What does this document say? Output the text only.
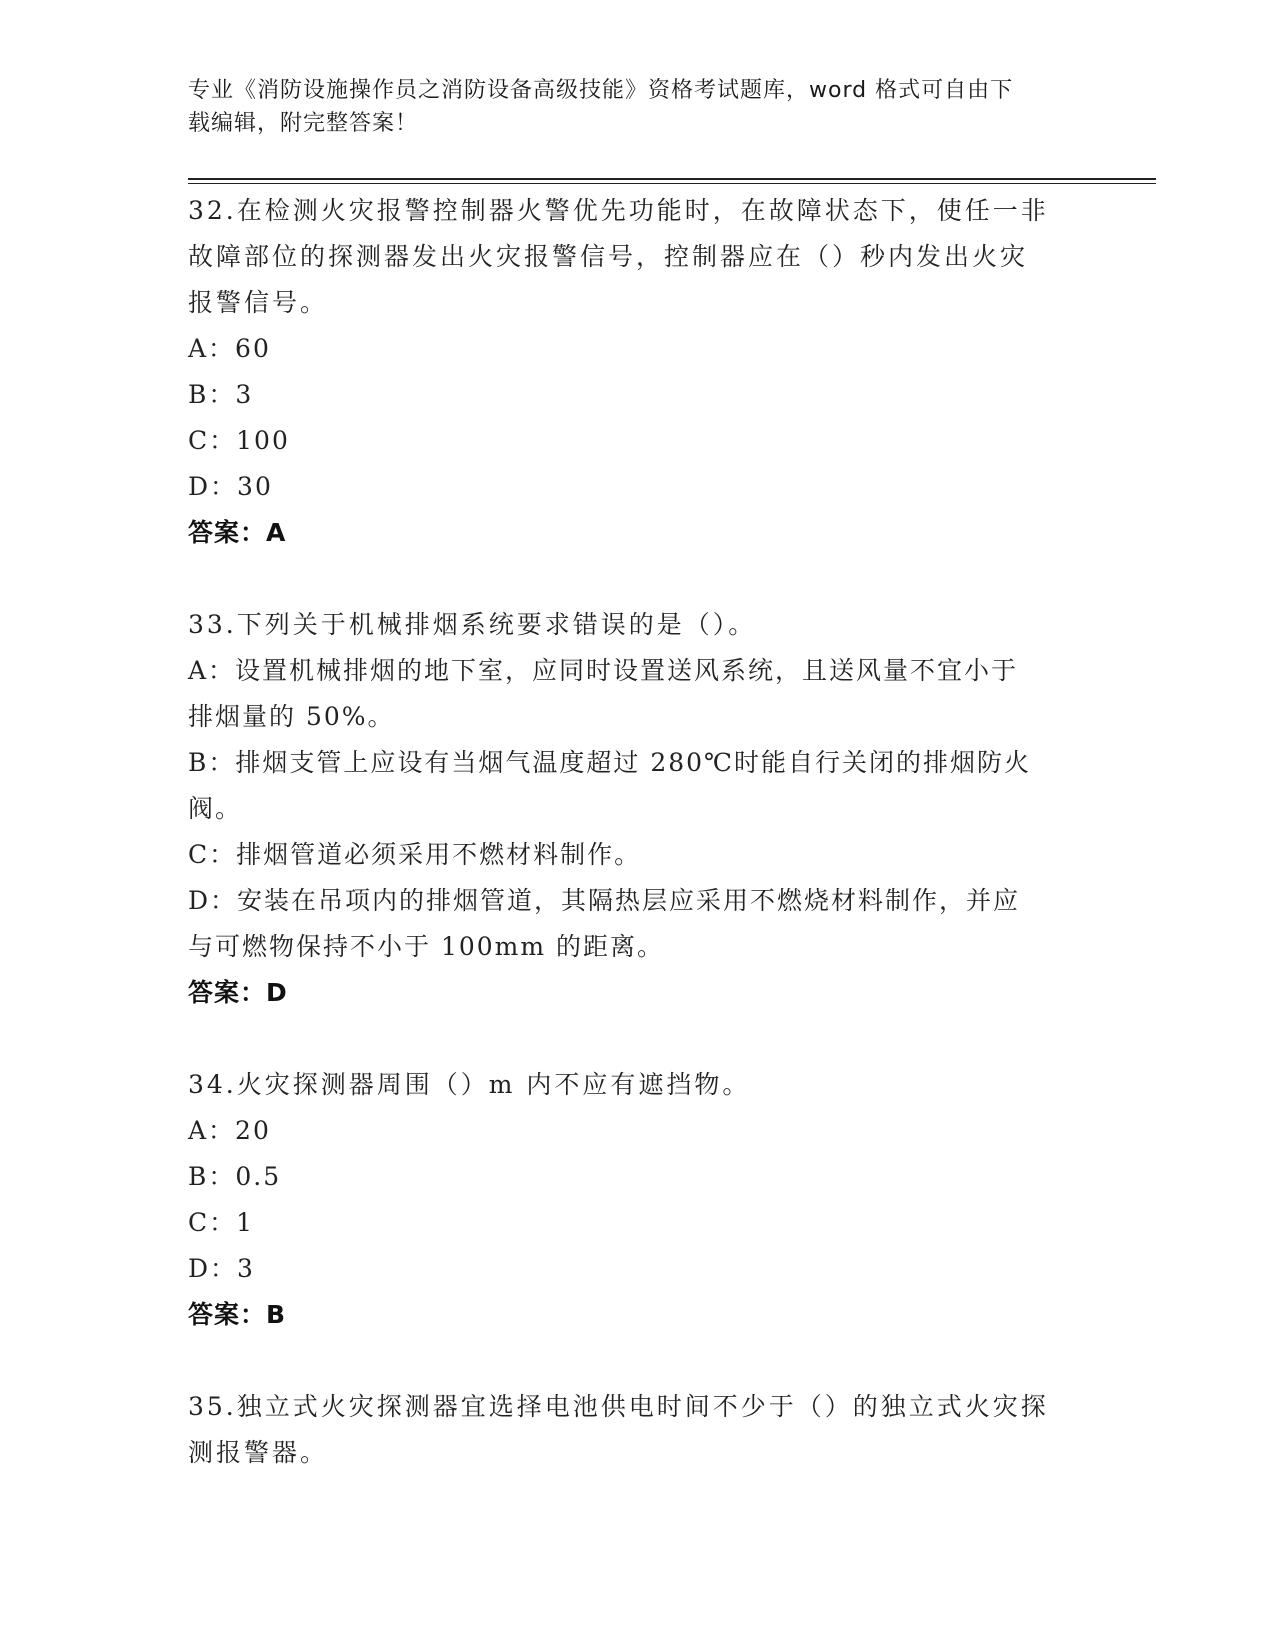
专业《消防设施操作员之消防设备高级技能》资格考试题库，word 格式可自由下
载编辑，附完整答案！

32.在检测火灾报警控制器火警优先功能时，在故障状态下，使任一非
故障部位的探测器发出火灾报警信号，控制器应在（）秒内发出火灾
报警信号。

A：60

B：3

C：100

D：30

答案：A

33.下列关于机械排烟系统要求错误的是（）。

A：设置机械排烟的地下室，应同时设置送风系统，且送风量不宜小于
排烟量的 50%。

B：排烟支管上应设有当烟气温度超过 280℃时能自行关闭的排烟防火
阀。

C：排烟管道必须采用不燃材料制作。

D：安装在吊项内的排烟管道，其隔热层应采用不燃烧材料制作，并应
与可燃物保持不小于 100mm 的距离。

答案：D

34.火灾探测器周围（）m 内不应有遮挡物。

A：20

B：0.5

C：1

D：3

答案：B

35.独立式火灾探测器宜选择电池供电时间不少于（）的独立式火灾探
测报警器。
